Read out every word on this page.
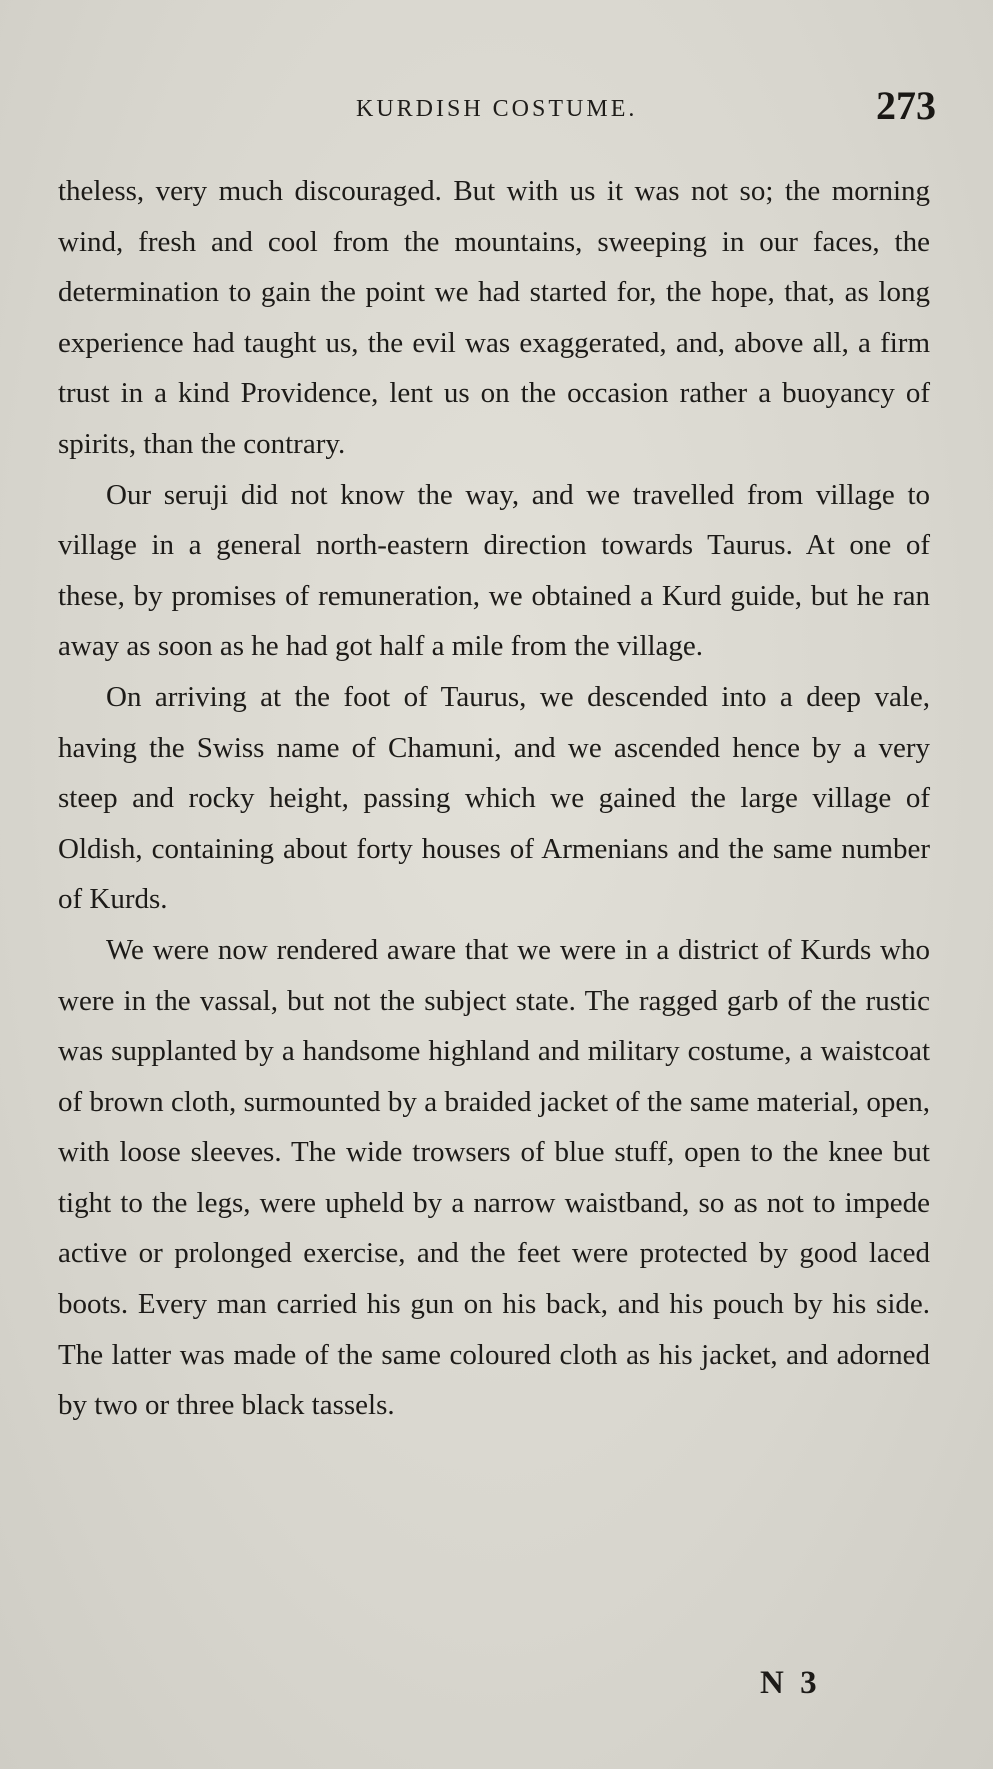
KURDISH COSTUME.	273

theless, very much discouraged. But with us it was not so; the morning wind, fresh and cool from the mountains, sweeping in our faces, the determination to gain the point we had started for, the hope, that, as long experience had taught us, the evil was exaggerated, and, above all, a firm trust in a kind Providence, lent us on the occasion rather a buoyancy of spirits, than the contrary.

Our seruji did not know the way, and we travelled from village to village in a general north-eastern direction towards Taurus. At one of these, by promises of remuneration, we obtained a Kurd guide, but he ran away as soon as he had got half a mile from the village.

On arriving at the foot of Taurus, we descended into a deep vale, having the Swiss name of Chamuni, and we ascended hence by a very steep and rocky height, passing which we gained the large village of Oldish, containing about forty houses of Armenians and the same number of Kurds.

We were now rendered aware that we were in a district of Kurds who were in the vassal, but not the subject state. The ragged garb of the rustic was supplanted by a handsome highland and military costume, a waistcoat of brown cloth, surmounted by a braided jacket of the same material, open, with loose sleeves. The wide trowsers of blue stuff, open to the knee but tight to the legs, were upheld by a narrow waistband, so as not to impede active or prolonged exercise, and the feet were protected by good laced boots. Every man carried his gun on his back, and his pouch by his side. The latter was made of the same coloured cloth as his jacket, and adorned by two or three black tassels.

N 3
